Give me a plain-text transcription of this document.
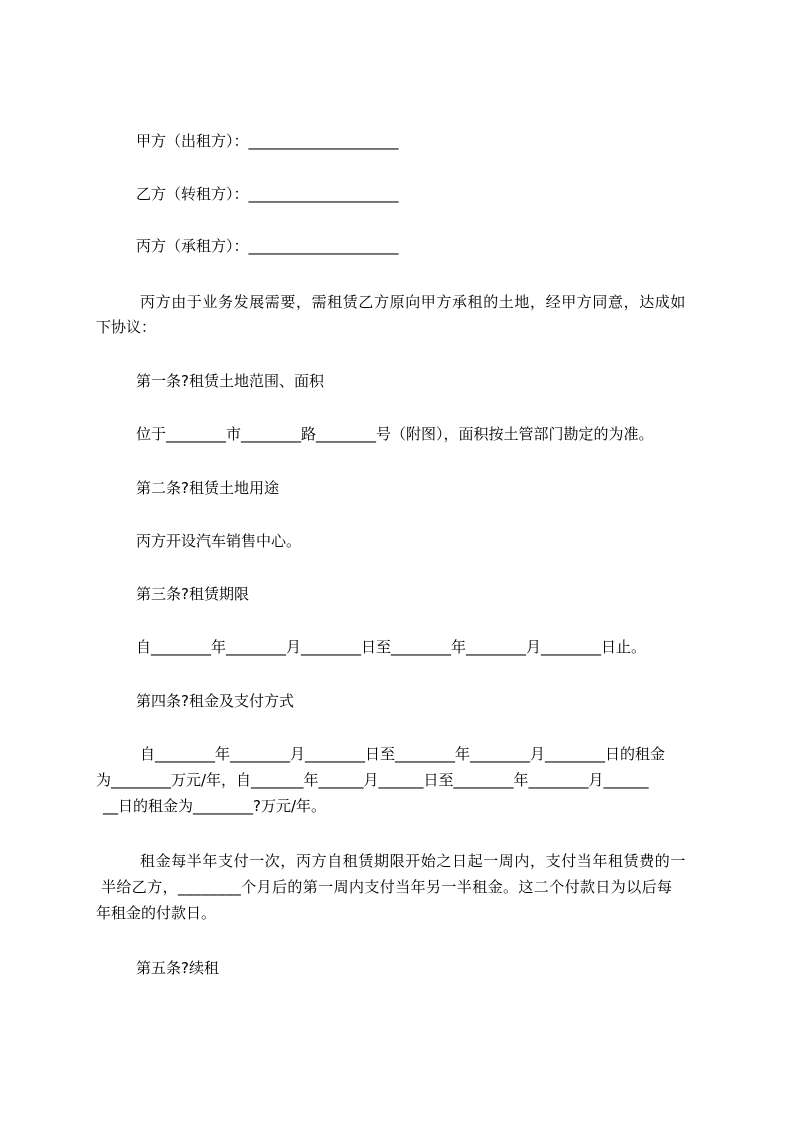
甲方（出租方）：____________________
乙方（转租方）：____________________
丙方（承租方）：____________________
丙方由于业务发展需要，需租赁乙方原向甲方承租的土地，经甲方同意，达成如
下协议：
第一条?租赁土地范围、面积
位于________市________路________号（附图），面积按土管部门勘定的为准。
第二条?租赁土地用途
丙方开设汽车销售中心。
第三条?租赁期限
自________年________月________日至________年________月________日止。
第四条?租金及支付方式
自________年________月________日至________年________月________日的租金
为________万元/年，自_______年______月______日至________年________月______
__日的租金为________?万元/年。
租金每半年支付一次，丙方自租赁期限开始之日起一周内，支付当年租赁费的一
半给乙方，________个月后的第一周内支付当年另一半租金。这二个付款日为以后每
年租金的付款日。
第五条?续租
